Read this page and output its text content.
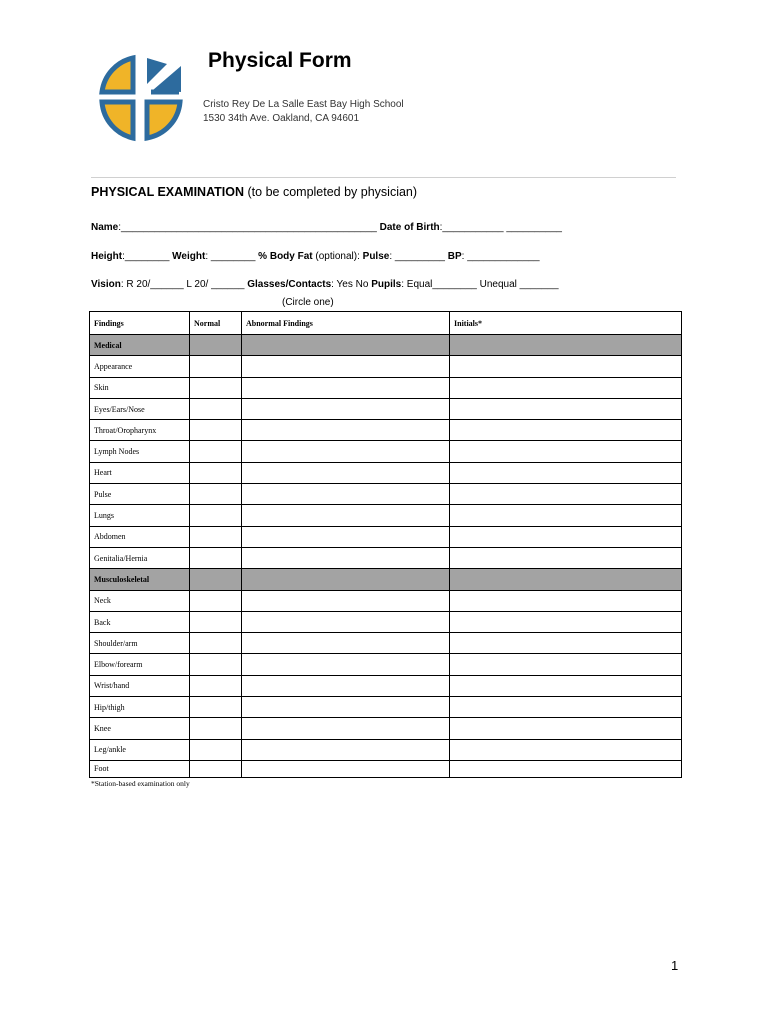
Physical Form
Cristo Rey De La Salle East Bay High School
1530 34th Ave. Oakland, CA 94601
PHYSICAL EXAMINATION (to be completed by physician)
Name:______________________________________________ Date of Birth:___________ __________
Height:________ Weight: ________ % Body Fat (optional): Pulse: _________ BP: _____________
Vision: R 20/______ L 20/ ______ Glasses/Contacts: Yes No Pupils: Equal________ Unequal _______
(Circle one)
Findings	Normal	Abnormal Findings	Initials*
Medical			
Appearance			
Skin			
Eyes/Ears/Nose			
Throat/Oropharynx			
Lymph Nodes			
Heart			
Pulse			
Lungs			
Abdomen			
Genitalia/Hernia			
Musculoskeletal			
Neck			
Back			
Shoulder/arm			
Elbow/forearm			
Wrist/hand			
Hip/thigh			
Knee			
Leg/ankle			
Foot			
*Station-based examination only
1
